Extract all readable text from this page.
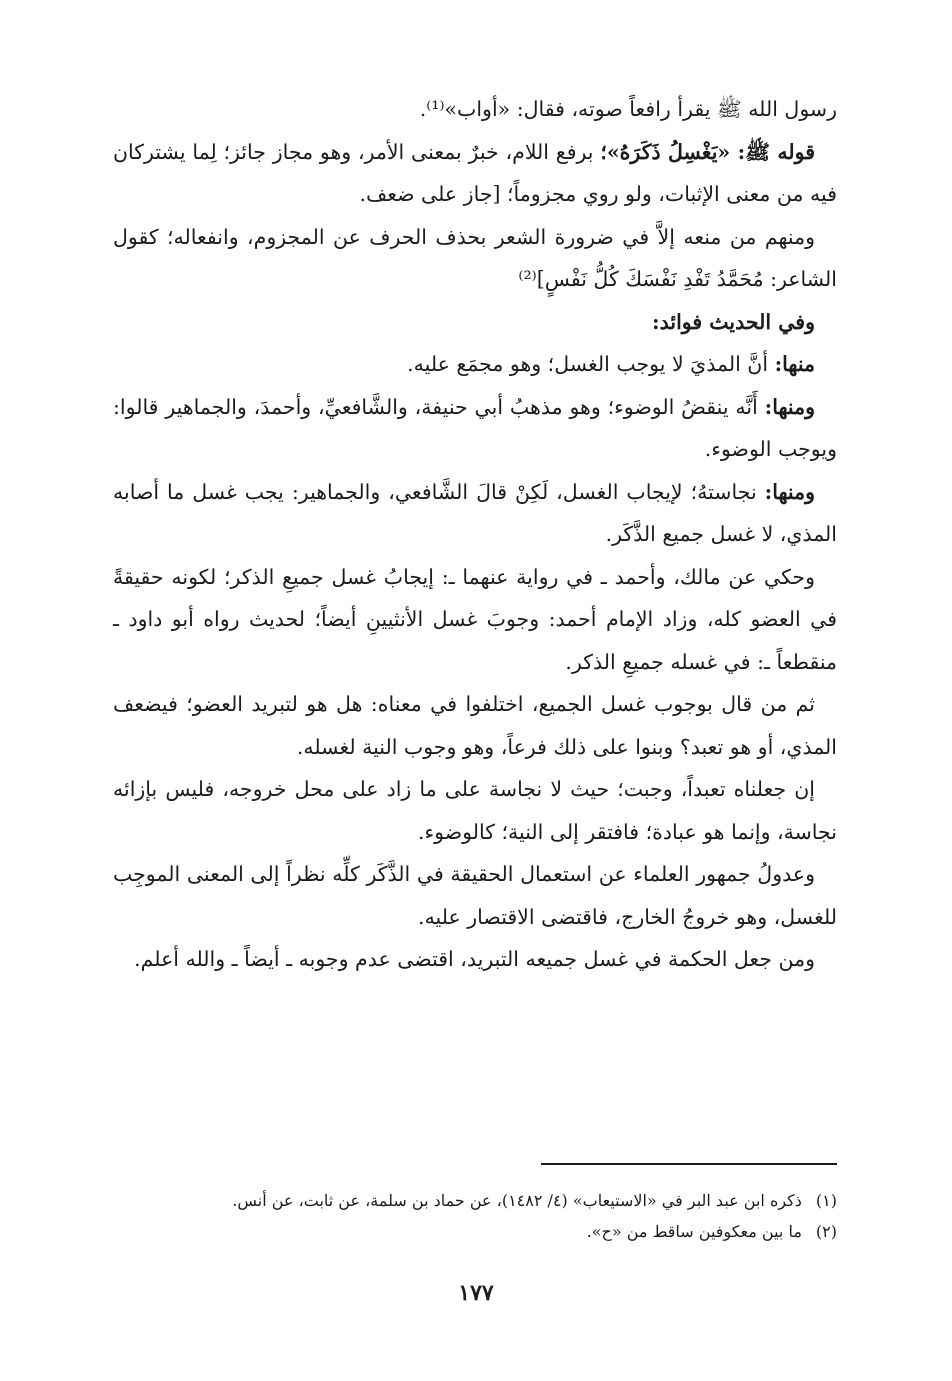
رسول الله ﷺ يقرأ رافعاً صوته، فقال: «أواب»⁽¹⁾.

قوله ﷺ: «يَغْسِلُ ذَكَرَهُ»؛ برفع اللام، خبرٌ بمعنى الأمر، وهو مجاز جائز؛ لِما يشتركان فيه من معنى الإثبات، ولو روي مجزوماً؛ [جاز على ضعف.

ومنهم من منعه إلاَّ في ضرورة الشعر بحذف الحرف عن المجزوم، وانفعاله؛ كقول الشاعر: مُحَمَّدُ تَفْدِ نَفْسَكَ كُلُّ نَفْسٍ]⁽²⁾

وفي الحديث فوائد:

منها: أنَّ المذيَ لا يوجب الغسل؛ وهو مجمَع عليه.

ومنها: أَنَّه ينقضُ الوضوء؛ وهو مذهبُ أبي حنيفة، والشَّافعيِّ، وأحمدَ، والجماهير قالوا: ويوجب الوضوء.

ومنها: نجاستهُ؛ لإيجاب الغسل، لَكِنْ قالَ الشَّافعي، والجماهير: يجب غسل ما أصابه المذي، لا غسل جميع الذَّكَر.

وحكي عن مالك، وأحمد ـ في رواية عنهما ـ: إيجابُ غسل جميعِ الذكر؛ لكونه حقيقةً في العضو كله، وزاد الإمام أحمد: وجوبَ غسل الأنثيينِ أيضاً؛ لحديث رواه أبو داود ـ منقطعاً ـ: في غسله جميعِ الذكر.

ثم من قال بوجوب غسل الجميع، اختلفوا في معناه: هل هو لتبريد العضو؛ فيضعف المذي، أو هو تعبد؟ وبنوا على ذلك فرعاً، وهو وجوب النية لغسله.

إن جعلناه تعبداً، وجبت؛ حيث لا نجاسة على ما زاد على محل خروجه، فليس بإزائه نجاسة، وإنما هو عبادة؛ فافتقر إلى النية؛ كالوضوء.

وعدولُ جمهور العلماء عن استعمال الحقيقة في الذَّكَر كلِّه نظراً إلى المعنى الموجِب للغسل، وهو خروجُ الخارج، فاقتضى الاقتصار عليه.

ومن جعل الحكمة في غسل جميعه التبريد، اقتضى عدم وجوبه ـ أيضاً ـ والله أعلم.

(١)ذكره ابن عبد البر في «الاستيعاب» (٤/ ١٤٨٢)، عن حماد بن سلمة، عن ثابت، عن أنس.

(٢)ما بين معكوفين ساقط من «ح».

١٧٧
